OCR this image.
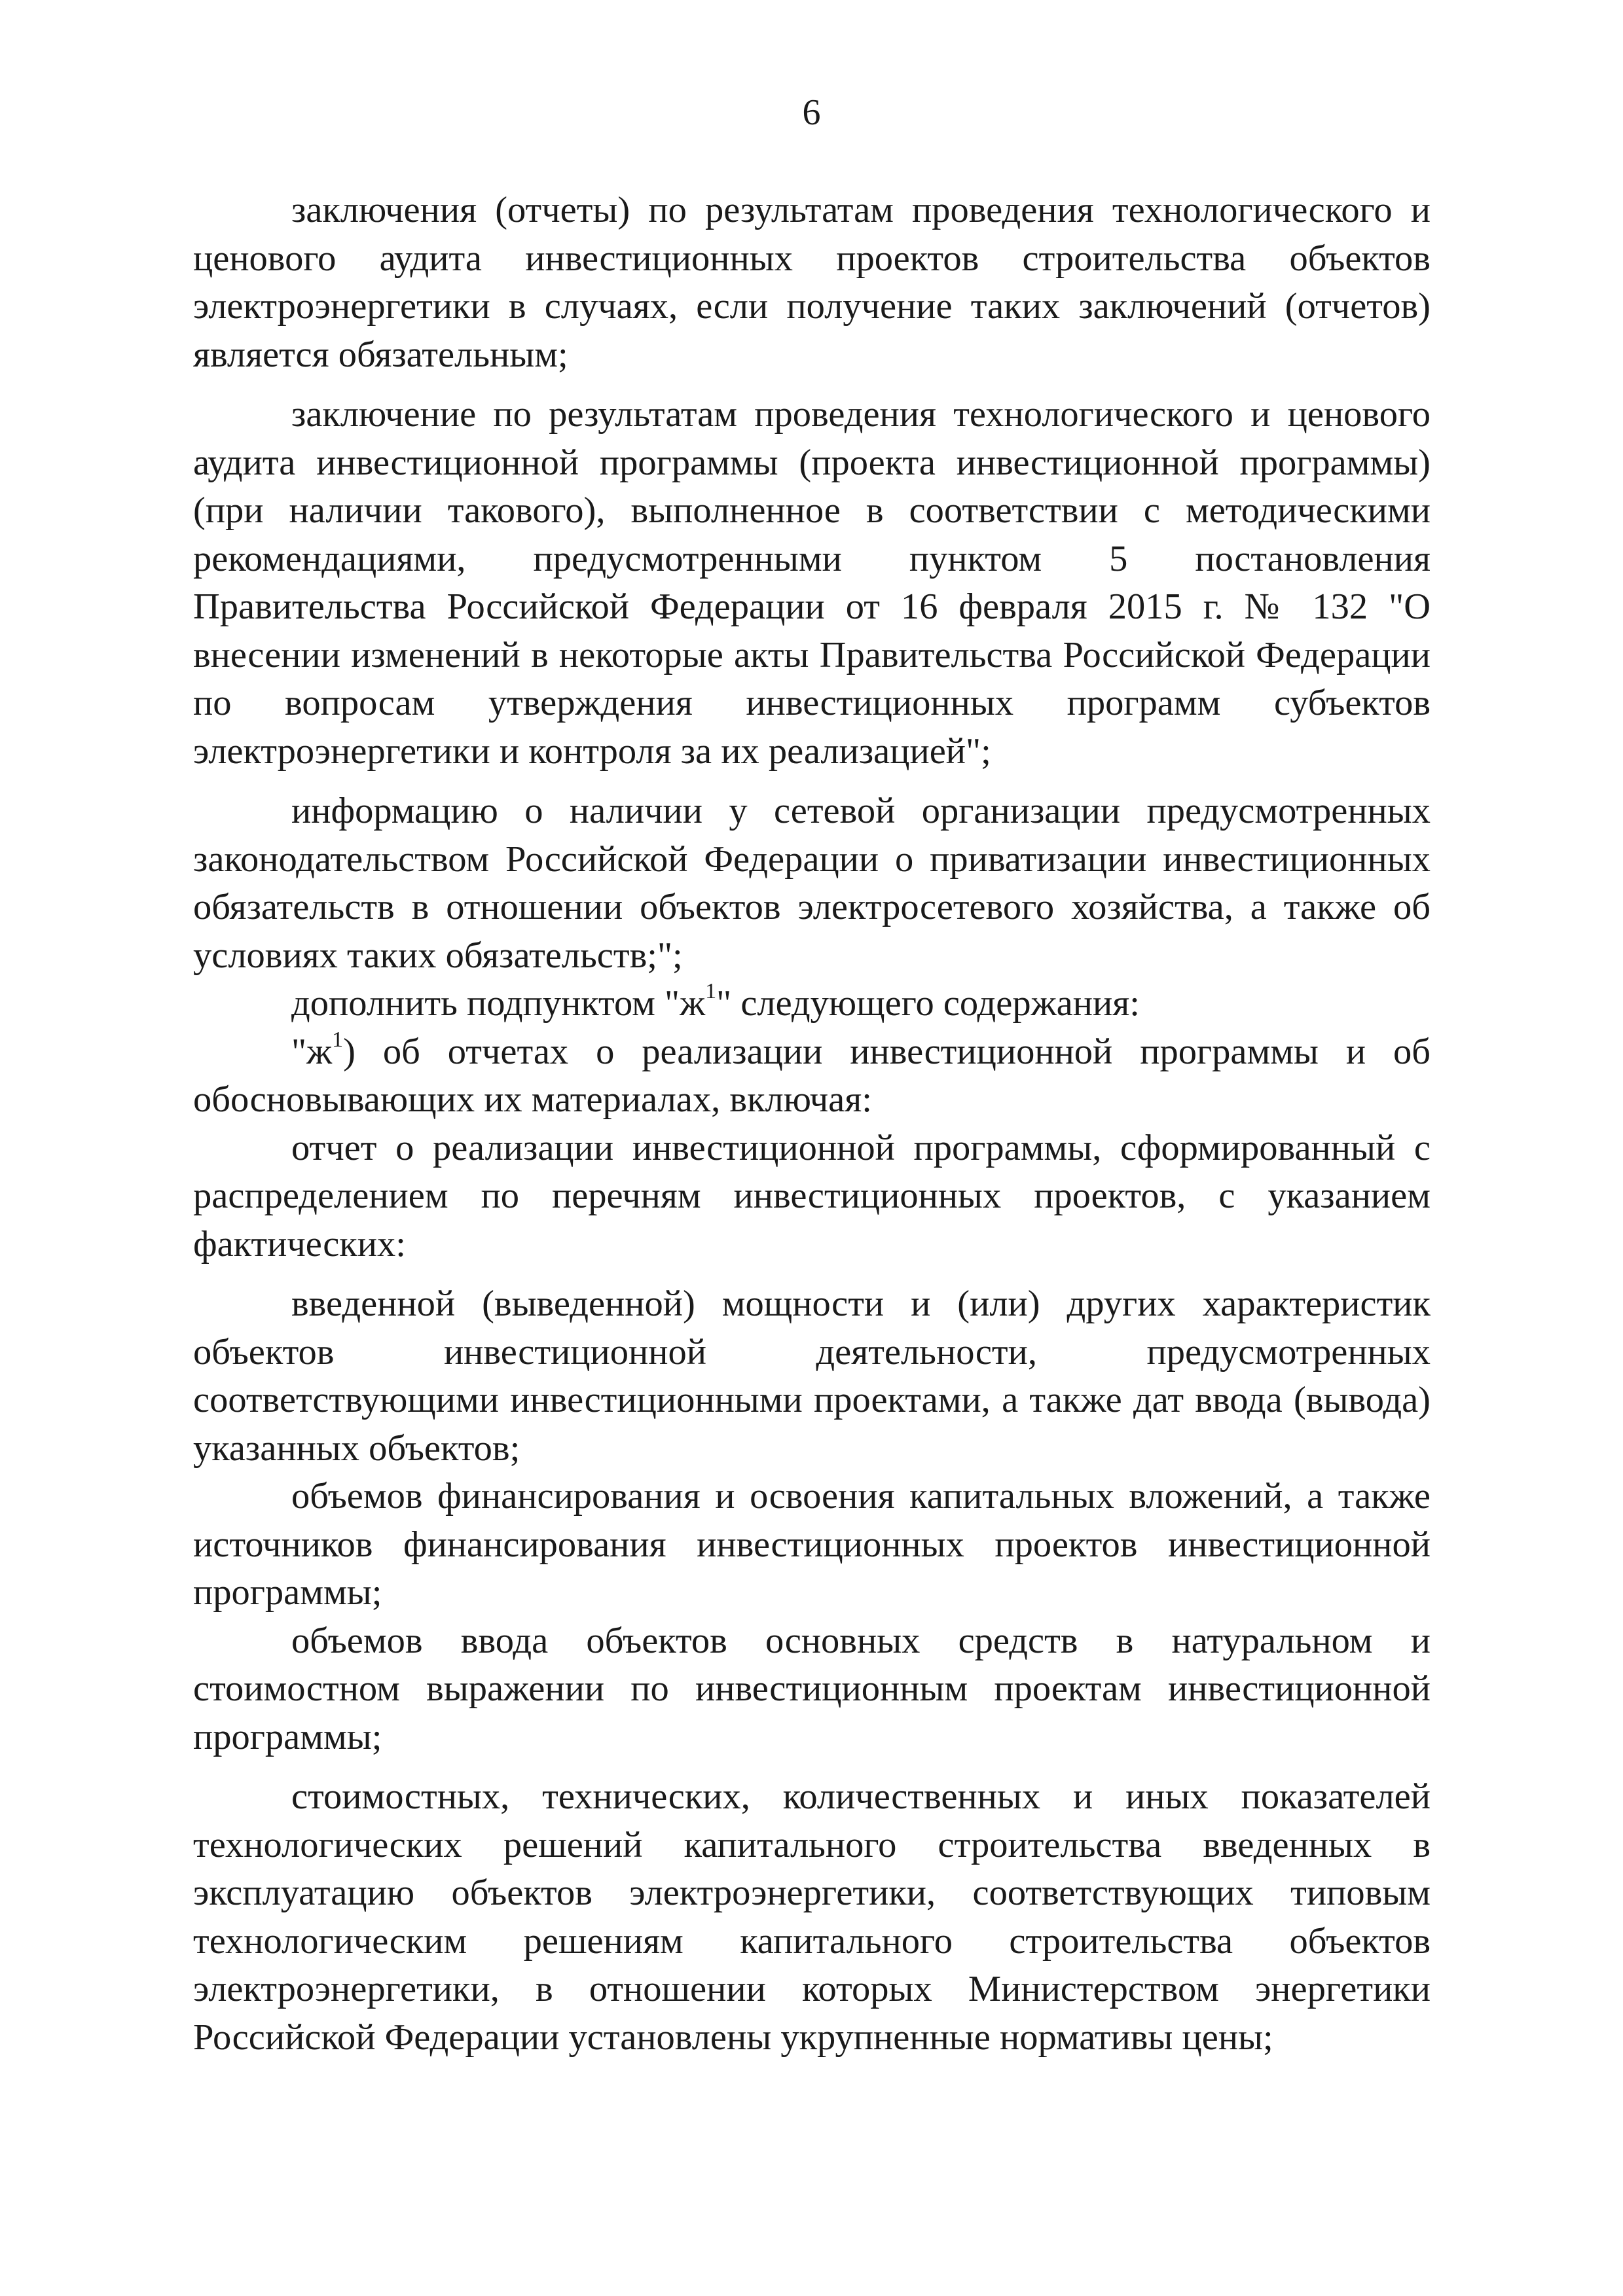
6

заключения (отчеты) по результатам проведения технологического и ценового аудита инвестиционных проектов строительства объектов электроэнергетики в случаях, если получение таких заключений (отчетов) является обязательным;

заключение по результатам проведения технологического и ценового аудита инвестиционной программы (проекта инвестиционной программы) (при наличии такового), выполненное в соответствии с методическими рекомендациями, предусмотренными пунктом 5 постановления Правительства Российской Федерации от 16 февраля 2015 г. № 132 "О внесении изменений в некоторые акты Правительства Российской Федерации по вопросам утверждения инвестиционных программ субъектов электроэнергетики и контроля за их реализацией";

информацию о наличии у сетевой организации предусмотренных законодательством Российской Федерации о приватизации инвестиционных обязательств в отношении объектов электросетевого хозяйства, а также об условиях таких обязательств;";

дополнить подпунктом "$ж^1$" следующего содержания:

"$ж^1$) об отчетах о реализации инвестиционной программы и об обосновывающих их материалах, включая:

отчет о реализации инвестиционной программы, сформированный с распределением по перечням инвестиционных проектов, с указанием фактических:

введенной (выведенной) мощности и (или) других характеристик объектов инвестиционной деятельности, предусмотренных соответствующими инвестиционными проектами, а также дат ввода (вывода) указанных объектов;

объемов финансирования и освоения капитальных вложений, а также источников финансирования инвестиционных проектов инвестиционной программы;

объемов ввода объектов основных средств в натуральном и стоимостном выражении по инвестиционным проектам инвестиционной программы;

стоимостных, технических, количественных и иных показателей технологических решений капитального строительства введенных в эксплуатацию объектов электроэнергетики, соответствующих типовым технологическим решениям капитального строительства объектов электроэнергетики, в отношении которых Министерством энергетики Российской Федерации установлены укрупненные нормативы цены;
